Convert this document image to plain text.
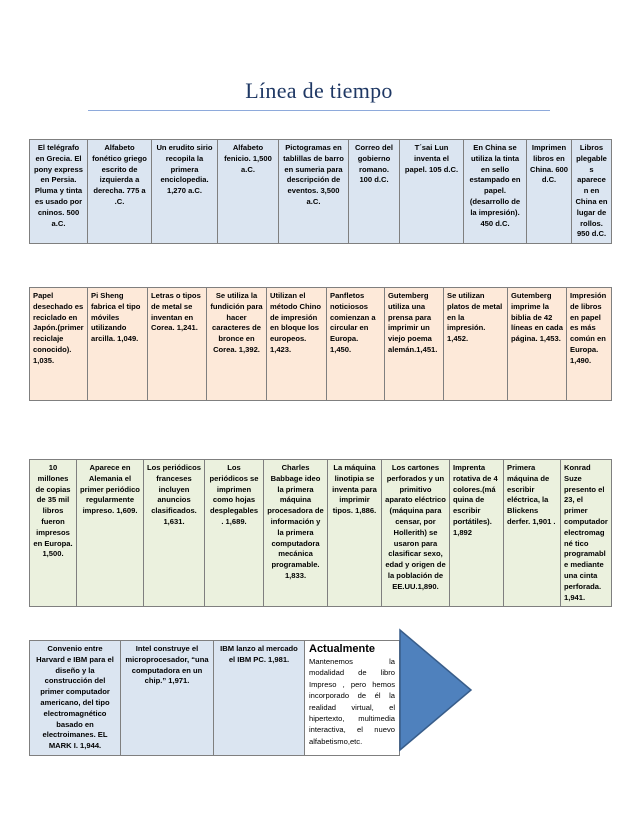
Línea de tiempo
El telégrafo en Grecia. El pony express en Persia. Pluma y tinta es usado por cninos. 500 a.C.	Alfabeto fonético griego escrito de izquierda a derecha. 775 a .C.	Un erudito sirio recopila la primera enciclopedia. 1,270 a.C.	Alfabeto fenicio. 1,500 a.C.	Pictogramas en tablillas de barro en sumeria para descripción de eventos. 3,500 a.C.	Correo del gobierno romano. 100 d.C.	T´sai Lun inventa el papel. 105 d.C.	En China se utiliza la tinta en sello estampado en papel. (desarrollo de la impresión). 450 d.C.	Imprimen libros en China. 600 d.C.	Libros plegables aparecen en China en lugar de rollos. 950 d.C.
Papel desechado es reciclado en Japón.(primer reciclaje conocido). 1,035.	Pi Sheng fabrica el tipo móviles utilizando arcilla. 1,049.	Letras o tipos de metal se inventan en Corea. 1,241.	Se utiliza la fundición para hacer caracteres de bronce en Corea. 1,392.	Utilizan el método Chino de impresión en bloque los europeos. 1,423.	Panfletos noticiosos comienzan a circular en Europa. 1,450.	Gutemberg utiliza una prensa para imprimir un viejo poema alemán.1,451.	Se utilizan platos de metal en la impresión. 1,452.	Gutemberg imprime la biblia de 42 líneas en cada página. 1,453.	Impresión de libros en papel es más común en Europa. 1,490.
10 millones de copias de 35 mil libros fueron impresos en Europa. 1,500.	Aparece en Alemania el primer periódico regularmente impreso. 1,609.	Los periódicos franceses incluyen anuncios clasificados. 1,631.	Los periódicos se imprimen como hojas desplegables . 1,689.	Charles Babbage ideo la primera máquina procesadora de información y la primera computadora mecánica programable. 1,833.	La máquina linotipia se inventa para imprimir tipos. 1,886.	Los cartones perforados y un primitivo aparato eléctrico (máquina para censar, por Hollerith) se usaron para clasificar sexo, edad y origen de la población de EE.UU.1,890.	Imprenta rotativa de 4 colores.(má quina de escribir portátiles). 1,892	Primera máquina de escribir eléctrica, la Blickens derfer. 1,901 .	Konrad Suze presento el 23, el primer computador electromagné tico programable mediante una cinta perforada. 1,941.
Convenio entre Harvard e IBM para el diseño y la construcción del primer computador americano, del tipo electromagnético basado en electroimanes. EL MARK I. 1,944.	Intel construye el microprocesador, “una computadora en un chip.” 1,971.	IBM lanzo al mercado el IBM PC. 1,981.	
Actualmente
Mantenemos la modalidad de libro Impreso , pero hemos incorporado de él la realidad virtual, el hipertexto, multimedia interactiva, el nuevo alfabetismo,etc.
